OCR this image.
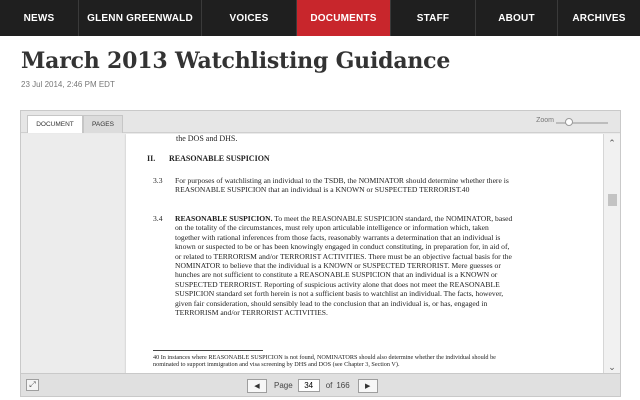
NEWS	GLENN GREENWALD	VOICES	DOCUMENTS	STAFF	ABOUT	ARCHIVES
March 2013 Watchlisting Guidance
23 Jul 2014, 2:46 PM EDT
DOCUMENT	PAGES
Zoom
the DOS and DHS.
II. REASONABLE SUSPICION
3.3 For purposes of watchlisting an individual to the TSDB, the NOMINATOR should determine whether there is REASONABLE SUSPICION that an individual is a KNOWN or SUSPECTED TERRORIST.40
3.4 REASONABLE SUSPICION. To meet the REASONABLE SUSPICION standard, the NOMINATOR, based on the totality of the circumstances, must rely upon articulable intelligence or information which, taken together with rational inferences from those facts, reasonably warrants a determination that an individual is known or suspected to be or has been knowingly engaged in conduct constituting, in preparation for, in aid of, or related to TERRORISM and/or TERRORIST ACTIVITIES. There must be an objective factual basis for the NOMINATOR to believe that the individual is a KNOWN or SUSPECTED TERRORIST. Mere guesses or hunches are not sufficient to constitute a REASONABLE SUSPICION that an individual is a KNOWN or SUSPECTED TERRORIST. Reporting of suspicious activity alone that does not meet the REASONABLE SUSPICION standard set forth herein is not a sufficient basis to watchlist an individual. The facts, however, given fair consideration, should sensibly lead to the conclusion that an individual is, or has, engaged in TERRORISM and/or TERRORIST ACTIVITIES.
40 In instances where REASONABLE SUSPICION is not found, NOMINATORS should also determine whether the individual should be nominated to support immigration and visa screening by DHS and DOS (see Chapter 3, Section V).
⌃
⌄
⤢	◀	Page
34	of 166	▶
